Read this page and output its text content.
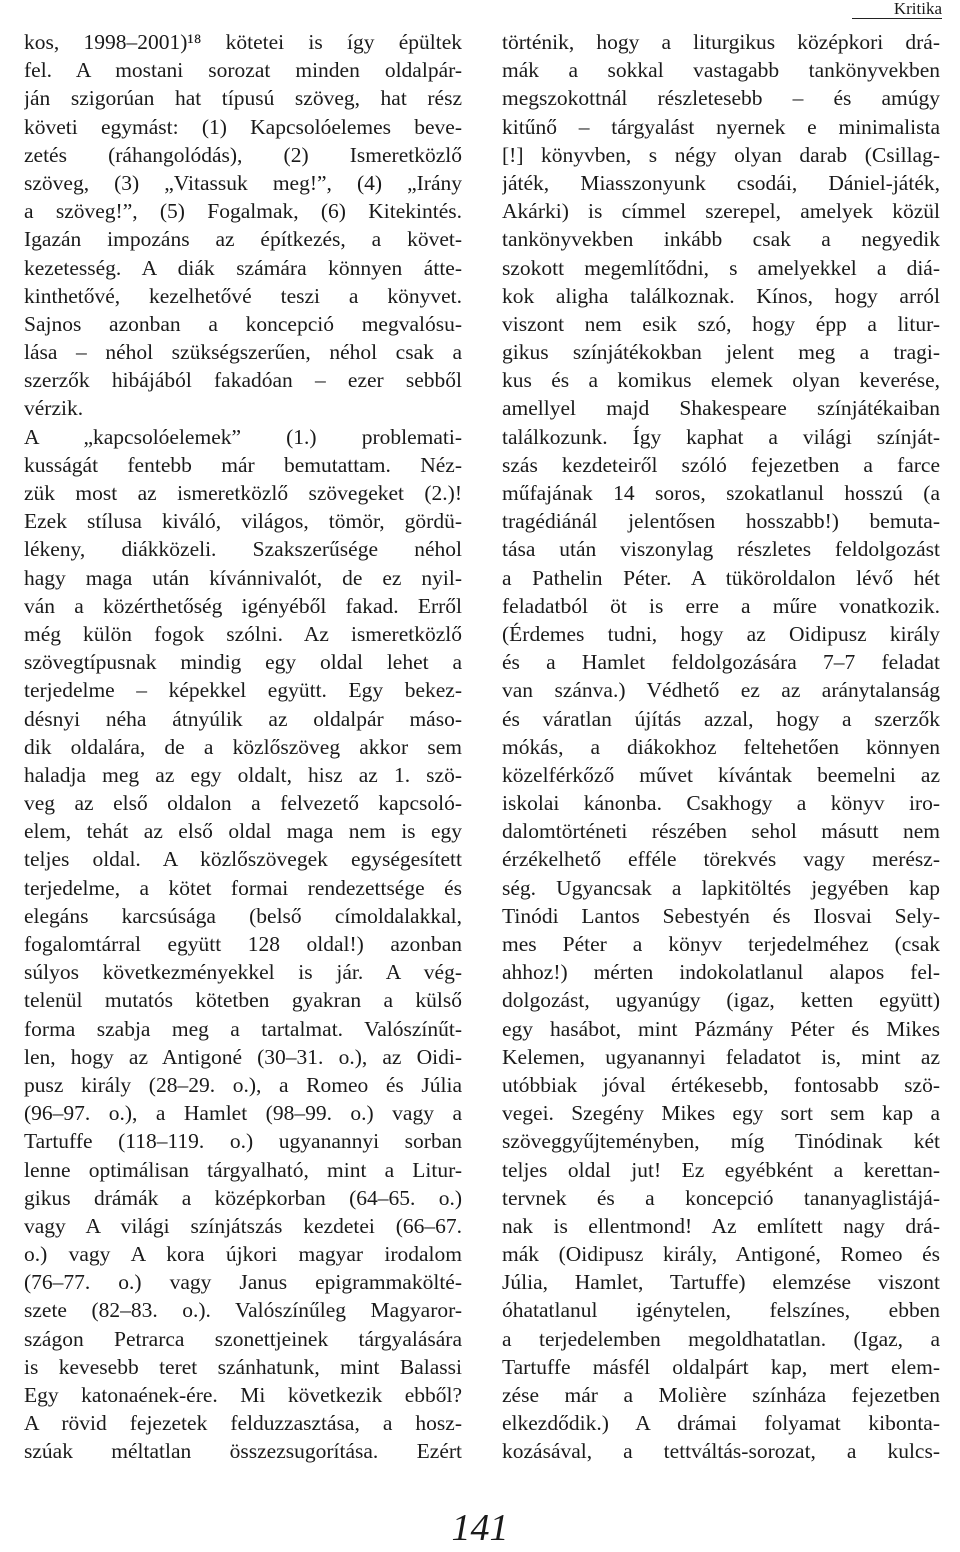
Kritika
kos, 1998–2001)¹⁸ kötetei is így épültek
fel. A mostani sorozat minden oldalpár-
ján szigorúan hat típusú szöveg, hat rész
követi egymást: (1) Kapcsolóelemes beve-
zetés (ráhangolódás), (2) Ismeretközlő
szöveg, (3) „Vitassuk meg!”, (4) „Irány
a szöveg!”, (5) Fogalmak, (6) Kitekintés.
Igazán impozáns az építkezés, a követ-
kezetesség. A diák számára könnyen átte-
kinthetővé, kezelhetővé teszi a könyvet.
Sajnos azonban a koncepció megvalósu-
lása – néhol szükségszerűen, néhol csak a
szerzők hibájából fakadóan – ezer sebből
vérzik.
A „kapcsolóelemek” (1.) problemati-
kusságát fentebb már bemutattam. Néz-
zük most az ismeretközlő szövegeket (2.)!
Ezek stílusa kiváló, világos, tömör, gördü-
lékeny, diákközeli. Szakszerűsége néhol
hagy maga után kívánnivalót, de ez nyil-
ván a közérthetőség igényéből fakad. Erről
még külön fogok szólni. Az ismeretközlő
szövegtípusnak mindig egy oldal lehet a
terjedelme – képekkel együtt. Egy bekez-
désnyi néha átnyúlik az oldalpár máso-
dik oldalára, de a közlőszöveg akkor sem
haladja meg az egy oldalt, hisz az 1. szö-
veg az első oldalon a felvezető kapcsoló-
elem, tehát az első oldal maga nem is egy
teljes oldal. A közlőszövegek egységesített
terjedelme, a kötet formai rendezettsége és
elegáns karcsúsága (belső címoldalakkal,
fogalomtárral együtt 128 oldal!) azonban
súlyos következményekkel is jár. A vég-
telenül mutatós kötetben gyakran a külső
forma szabja meg a tartalmat. Valószínűt-
len, hogy az Antigoné (30–31. o.), az Oidi-
pusz király (28–29. o.), a Romeo és Júlia
(96–97. o.), a Hamlet (98–99. o.) vagy a
Tartuffe (118–119. o.) ugyanannyi sorban
lenne optimálisan tárgyalható, mint a Litur-
gikus drámák a középkorban (64–65. o.)
vagy A világi színjátszás kezdetei (66–67.
o.) vagy A kora újkori magyar irodalom
(76–77. o.) vagy Janus epigrammakölté-
szete (82–83. o.). Valószínűleg Magyaror-
szágon Petrarca szonettjeinek tárgyalására
is kevesebb teret szánhatunk, mint Balassi
Egy katonaének-ére. Mi következik ebből?
A rövid fejezetek felduzzasztása, a hosz-
szúak méltatlan összezsugorítása. Ezért
történik, hogy a liturgikus középkori drá-
mák a sokkal vastagabb tankönyvekben
megszokottnál részletesebb – és amúgy
kitűnő – tárgyalást nyernek e minimalista
[!] könyvben, s négy olyan darab (Csillag-
játék, Miasszonyunk csodái, Dániel-játék,
Akárki) is címmel szerepel, amelyek közül
tankönyvekben inkább csak a negyedik
szokott megemlítődni, s amelyekkel a diá-
kok aligha találkoznak. Kínos, hogy arról
viszont nem esik szó, hogy épp a litur-
gikus színjátékokban jelent meg a tragi-
kus és a komikus elemek olyan keverése,
amellyel majd Shakespeare színjátékaiban
találkozunk. Így kaphat a világi színját-
szás kezdeteiről szóló fejezetben a farce
műfajának 14 soros, szokatlanul hosszú (a
tragédiánál jelentősen hosszabb!) bemuta-
tása után viszonylag részletes feldolgozást
a Pathelin Péter. A tükörоldalon lévő hét
feladatból öt is erre a műre vonatkozik.
(Érdemes tudni, hogy az Oidipusz király
és a Hamlet feldolgozására 7–7 feladat
van szánva.) Védhető ez az aránytalanság
és váratlan újítás azzal, hogy a szerzők
mókás, a diákokhoz feltehetően könnyen
közelférkőző művet kívántak beemelni az
iskolai kánonba. Csakhogy a könyv iro-
dalomtörténeti részében sehol másutt nem
érzékelhető efféle törekvés vagy merész-
ség. Ugyancsak a lapkitöltés jegyében kap
Tinódi Lantos Sebestyén és Ilosvai Sely-
mes Péter a könyv terjedelméhez (csak
ahhoz!) mérten indokolatlanul alapos fel-
dolgozást, ugyanúgy (igaz, ketten együtt)
egy hasábot, mint Pázmány Péter és Mikes
Kelemen, ugyanannyi feladatot is, mint az
utóbbiak jóval értékesebb, fontosabb szö-
vegei. Szegény Mikes egy sort sem kap a
szöveggyűjteményben, míg Tinódinak két
teljes oldal jut! Ez egyébként a kerettan-
tervnek és a koncepció tananyaglistájá-
nak is ellentmond! Az említett nagy drá-
mák (Oidipusz király, Antigoné, Romeo és
Júlia, Hamlet, Tartuffe) elemzése viszont
óhatatlanul igénytelen, felszínes, ebben
a terjedelemben megoldhatatlan. (Igaz, a
Tartuffe másfél oldalpárt kap, mert elem-
zése már a Molière színháza fejezetben
elkezdődik.) A drámai folyamat kibonta-
kozásával, a tettváltás-sorozat, a kulcs-
141
